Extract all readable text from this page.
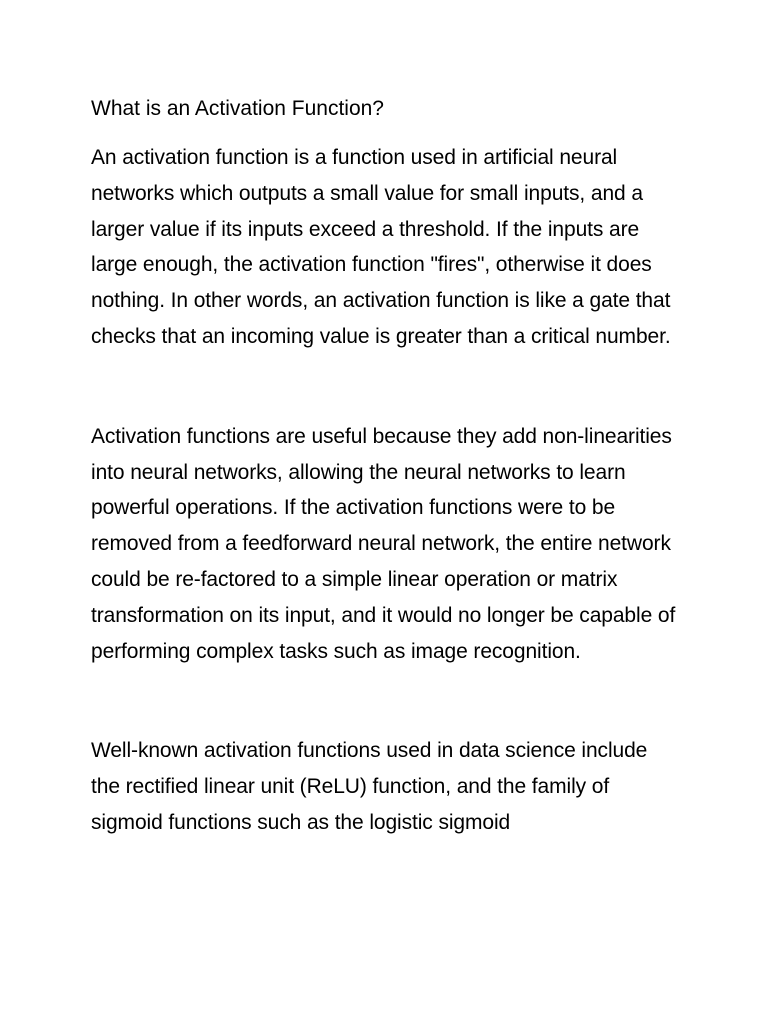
What is an Activation Function?

An activation function is a function used in artificial neural networks which outputs a small value for small inputs, and a larger value if its inputs exceed a threshold. If the inputs are large enough, the activation function "fires", otherwise it does nothing. In other words, an activation function is like a gate that checks that an incoming value is greater than a critical number.

Activation functions are useful because they add non-linearities into neural networks, allowing the neural networks to learn powerful operations. If the activation functions were to be removed from a feedforward neural network, the entire network could be re-factored to a simple linear operation or matrix transformation on its input, and it would no longer be capable of performing complex tasks such as image recognition.

Well-known activation functions used in data science include the rectified linear unit (ReLU) function, and the family of sigmoid functions such as the logistic sigmoid
